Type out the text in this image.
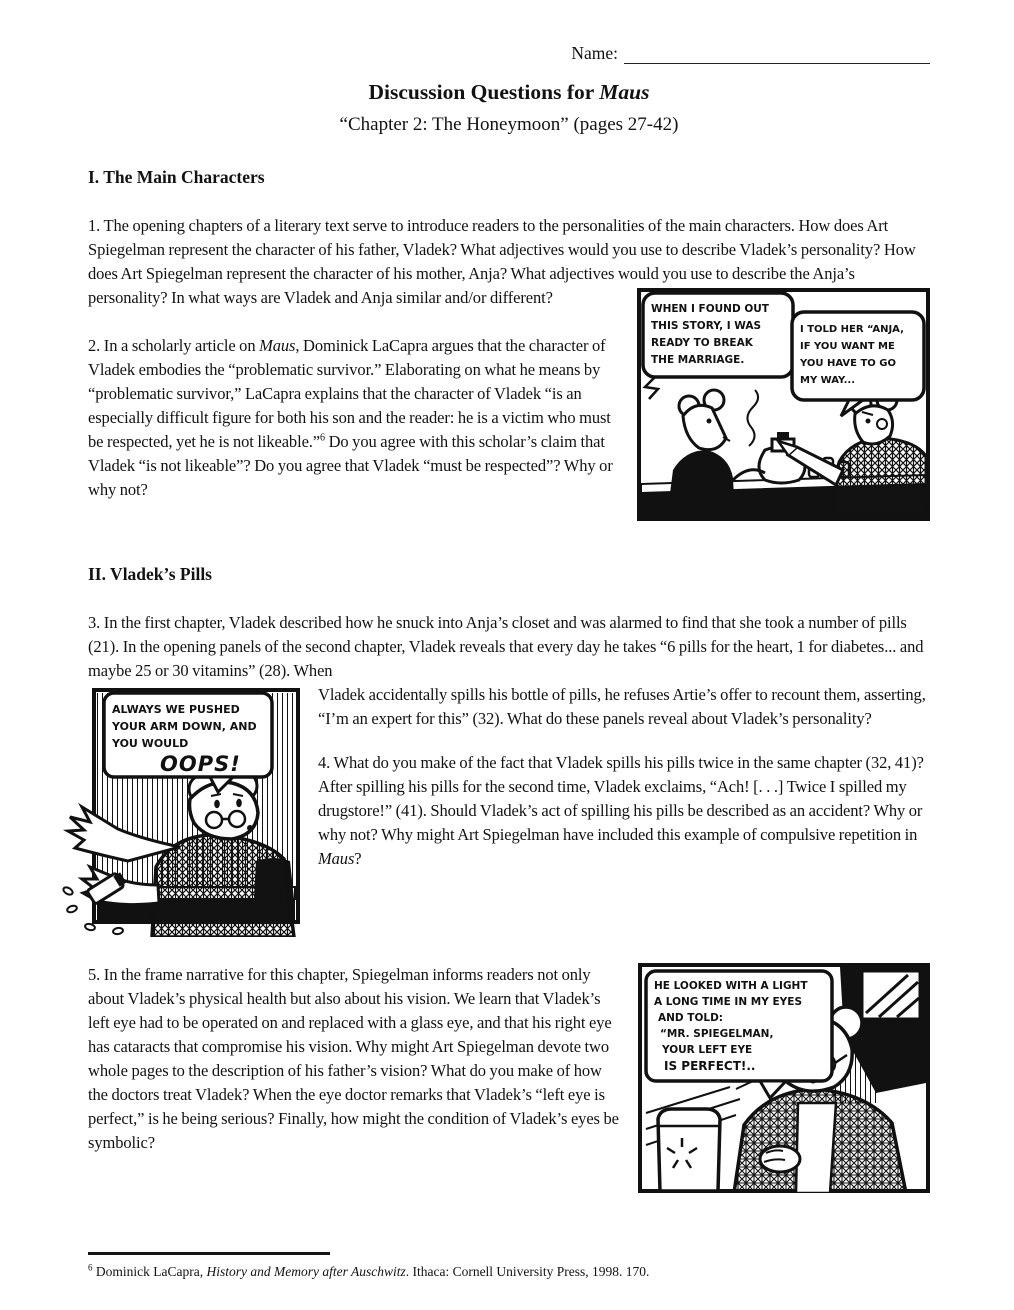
Name:
Discussion Questions for Maus
“Chapter 2: The Honeymoon” (pages 27-42)
I. The Main Characters

1. The opening chapters of a literary text serve to introduce readers to the personalities of the main characters. How does Art Spiegelman represent the character of his father, Vladek? What adjectives would you use to describe Vladek’s personality? How does Art Spiegelman represent the character of his mother, Anja? What adjectives would you use to describe the Anja’s personality? In what ways are Vladek and Anja similar and/or different?

WHEN I FOUND OUT
THIS STORY, I WAS
READY TO BREAK
THE MARRIAGE.
I TOLD HER “ANJA,
IF YOU WANT ME
YOU HAVE TO GO
MY WAY...

2. In a scholarly article on Maus, Dominick LaCapra argues that the character of Vladek embodies the “problematic survivor.” Elaborating on what he means by “problematic survivor,” LaCapra explains that the character of Vladek “is an especially difficult figure for both his son and the reader: he is a victim who must be respected, yet he is not likeable.”$^6$ Do you agree with this scholar’s claim that Vladek “is not likeable”? Do you agree that Vladek “must be respected”? Why or why not?

II. Vladek’s Pills

3. In the first chapter, Vladek described how he snuck into Anja’s closet and was alarmed to find that she took a number of pills (21). In the opening panels of the second chapter, Vladek reveals that every day he takes “6 pills for the heart, 1 for diabetes... and maybe 25 or 30 vitamins” (28). When

ALWAYS WE PUSHED
YOUR ARM DOWN, AND
YOU WOULD
OOPS!

Vladek accidentally spills his bottle of pills, he refuses Artie’s offer to recount them, asserting, “I’m an expert for this” (32). What do these panels reveal about Vladek’s personality?

4. What do you make of the fact that Vladek spills his pills twice in the same chapter (32, 41)? After spilling his pills for the second time, Vladek exclaims, “Ach! [. . .] Twice I spilled my drugstore!” (41). Should Vladek’s act of spilling his pills be described as an accident? Why or why not? Why might Art Spiegelman have included this example of compulsive repetition in Maus?

HE LOOKED WITH A LIGHT
A LONG TIME IN MY EYES
AND TOLD:
“MR. SPIEGELMAN,
YOUR LEFT EYE
IS PERFECT!..

5. In the frame narrative for this chapter, Spiegelman informs readers not only about Vladek’s physical health but also about his vision. We learn that Vladek’s left eye had to be operated on and replaced with a glass eye, and that his right eye has cataracts that compromise his vision. Why might Art Spiegelman devote two whole pages to the description of his father’s vision? What do you make of how the doctors treat Vladek? When the eye doctor remarks that Vladek’s “left eye is perfect,” is he being serious? Finally, how might the condition of Vladek’s eyes be symbolic?

$^6$ Dominick LaCapra, History and Memory after Auschwitz. Ithaca: Cornell University Press, 1998. 170.
